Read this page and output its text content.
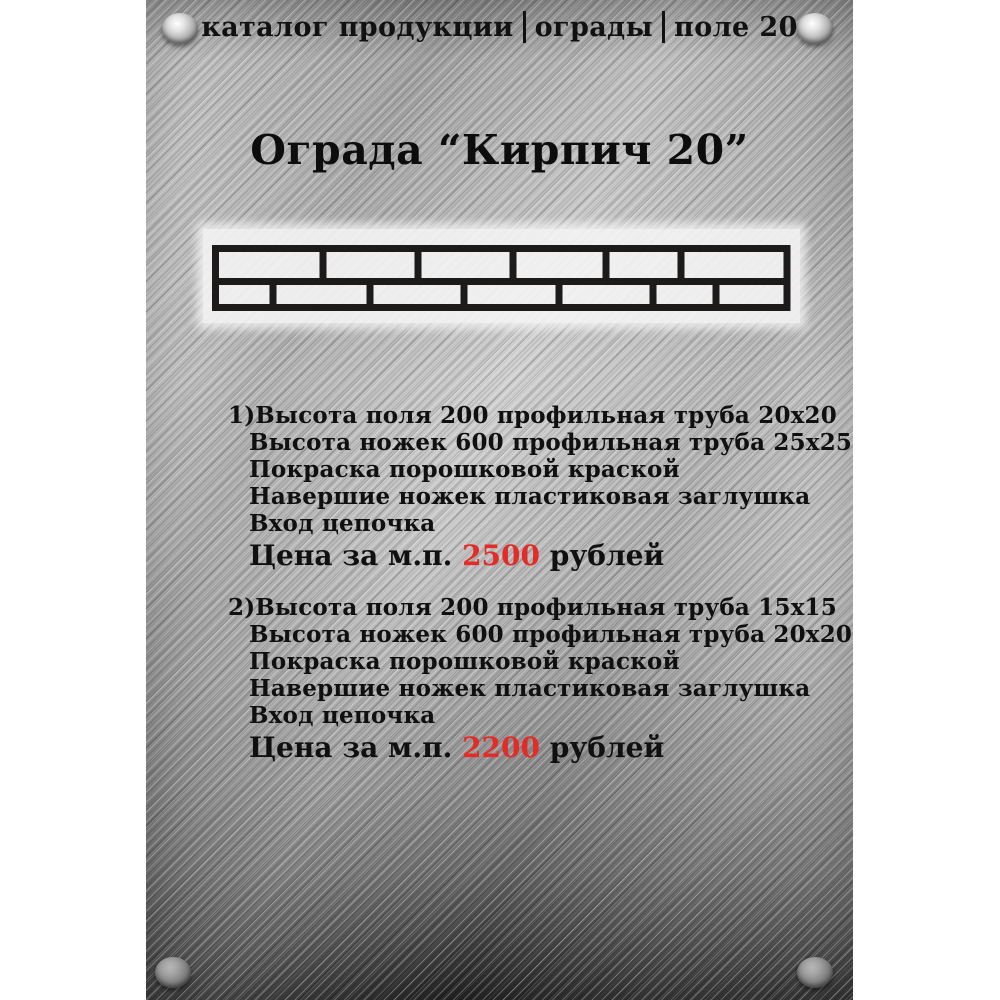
каталог продукции ограды поле 20
Ограда “Кирпич 20”
1)Высота поля 200 профильная труба 20x20
Высота ножек 600 профильная труба 25x25
Покраска порошковой краской
Навершие ножек пластиковая заглушка
Вход цепочка
Цена за м.п. 2500 рублей
2)Высота поля 200 профильная труба 15x15
Высота ножек 600 профильная труба 20x20
Покраска порошковой краской
Навершие ножек пластиковая заглушка
Вход цепочка
Цена за м.п. 2200 рублей
